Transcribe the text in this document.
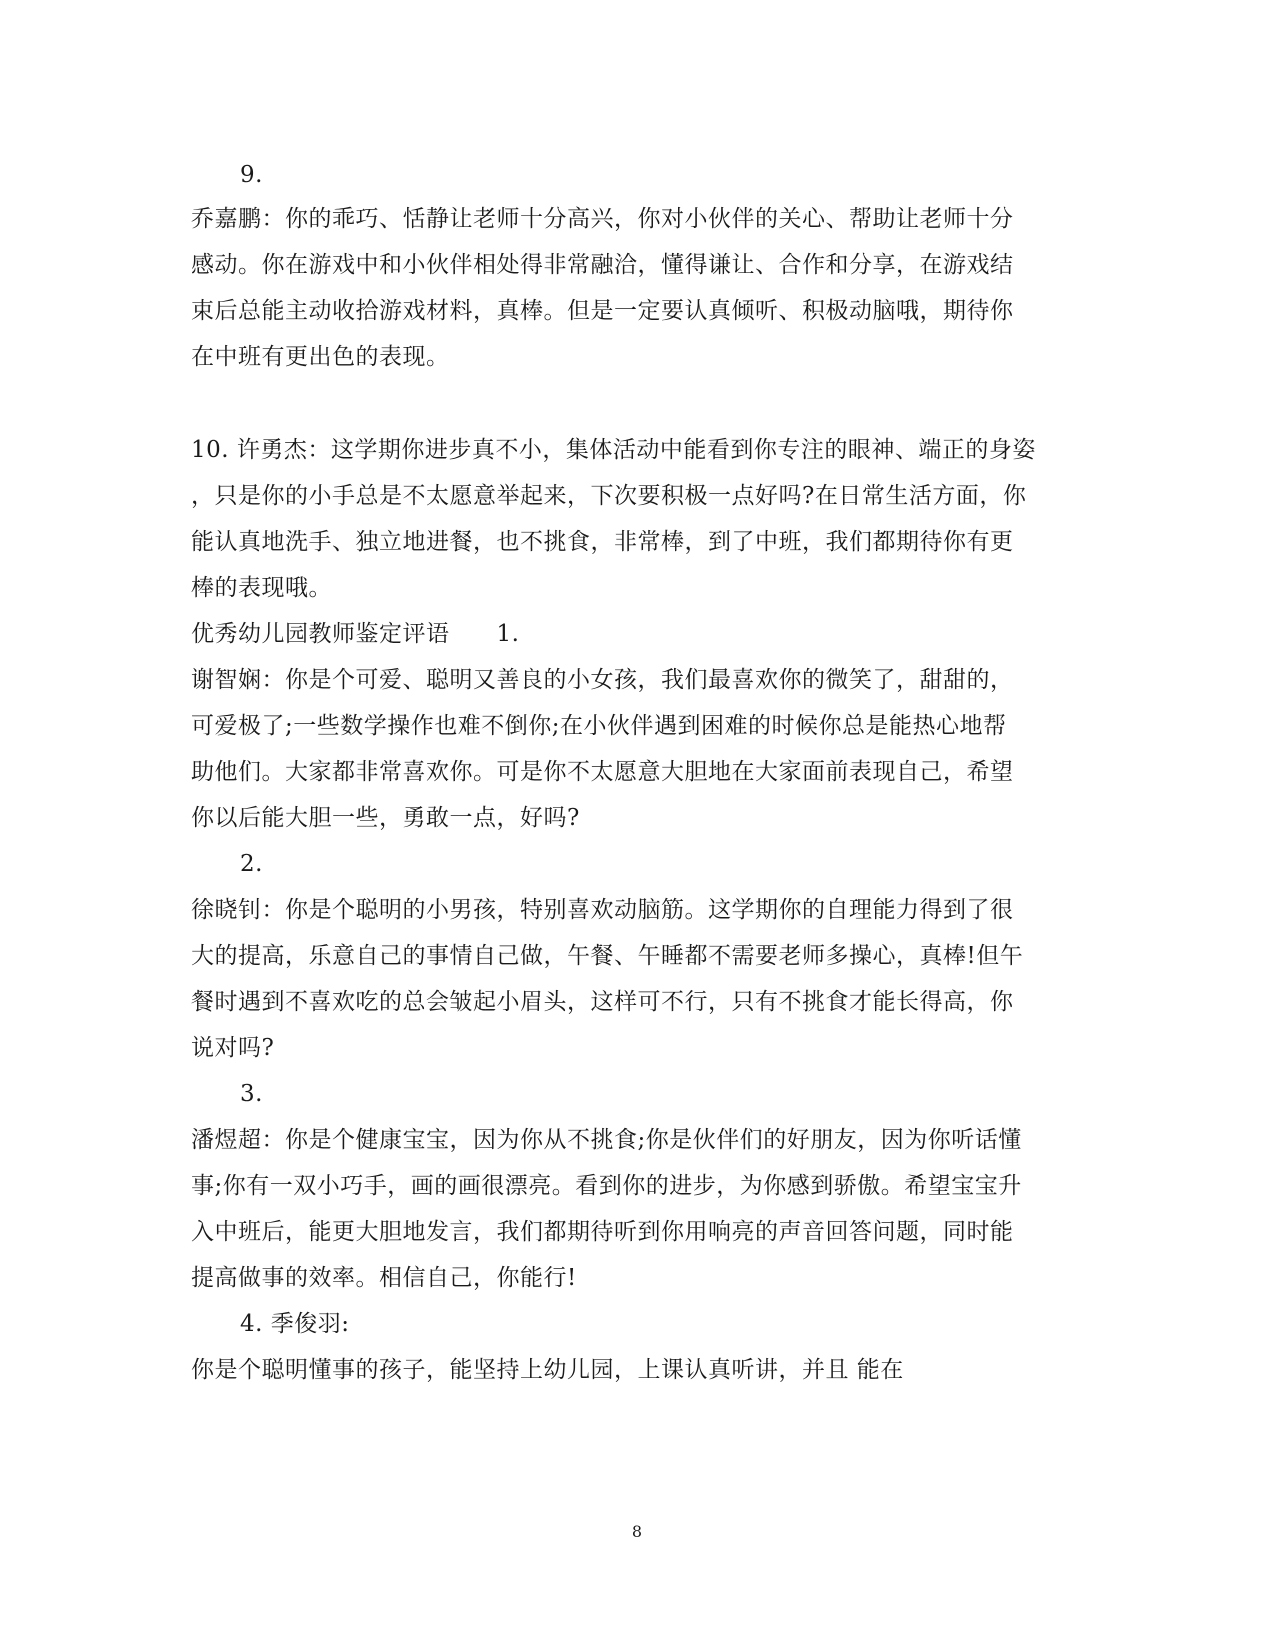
9.
乔嘉鹏：你的乖巧、恬静让老师十分高兴，你对小伙伴的关心、帮助让老师十分
感动。你在游戏中和小伙伴相处得非常融洽，懂得谦让、合作和分享，在游戏结
束后总能主动收拾游戏材料，真棒。但是一定要认真倾听、积极动脑哦，期待你
在中班有更出色的表现。
10. 许勇杰：这学期你进步真不小，集体活动中能看到你专注的眼神、端正的身姿
，只是你的小手总是不太愿意举起来，下次要积极一点好吗?在日常生活方面，你
能认真地洗手、独立地进餐，也不挑食，非常棒，到了中班，我们都期待你有更
棒的表现哦。
优秀幼儿园教师鉴定评语　　1.
谢智娴：你是个可爱、聪明又善良的小女孩，我们最喜欢你的微笑了，甜甜的，
可爱极了;一些数学操作也难不倒你;在小伙伴遇到困难的时候你总是能热心地帮
助他们。大家都非常喜欢你。可是你不太愿意大胆地在大家面前表现自己，希望
你以后能大胆一些，勇敢一点，好吗?
2.
徐晓钊：你是个聪明的小男孩，特别喜欢动脑筋。这学期你的自理能力得到了很
大的提高，乐意自己的事情自己做，午餐、午睡都不需要老师多操心，真棒!但午
餐时遇到不喜欢吃的总会皱起小眉头，这样可不行，只有不挑食才能长得高，你
说对吗?
3.
潘煜超：你是个健康宝宝，因为你从不挑食;你是伙伴们的好朋友，因为你听话懂
事;你有一双小巧手，画的画很漂亮。看到你的进步，为你感到骄傲。希望宝宝升
入中班后，能更大胆地发言，我们都期待听到你用响亮的声音回答问题，同时能
提高做事的效率。相信自己，你能行!
4. 季俊羽:
你是个聪明懂事的孩子，能坚持上幼儿园，上课认真听讲，并且 能在
8
